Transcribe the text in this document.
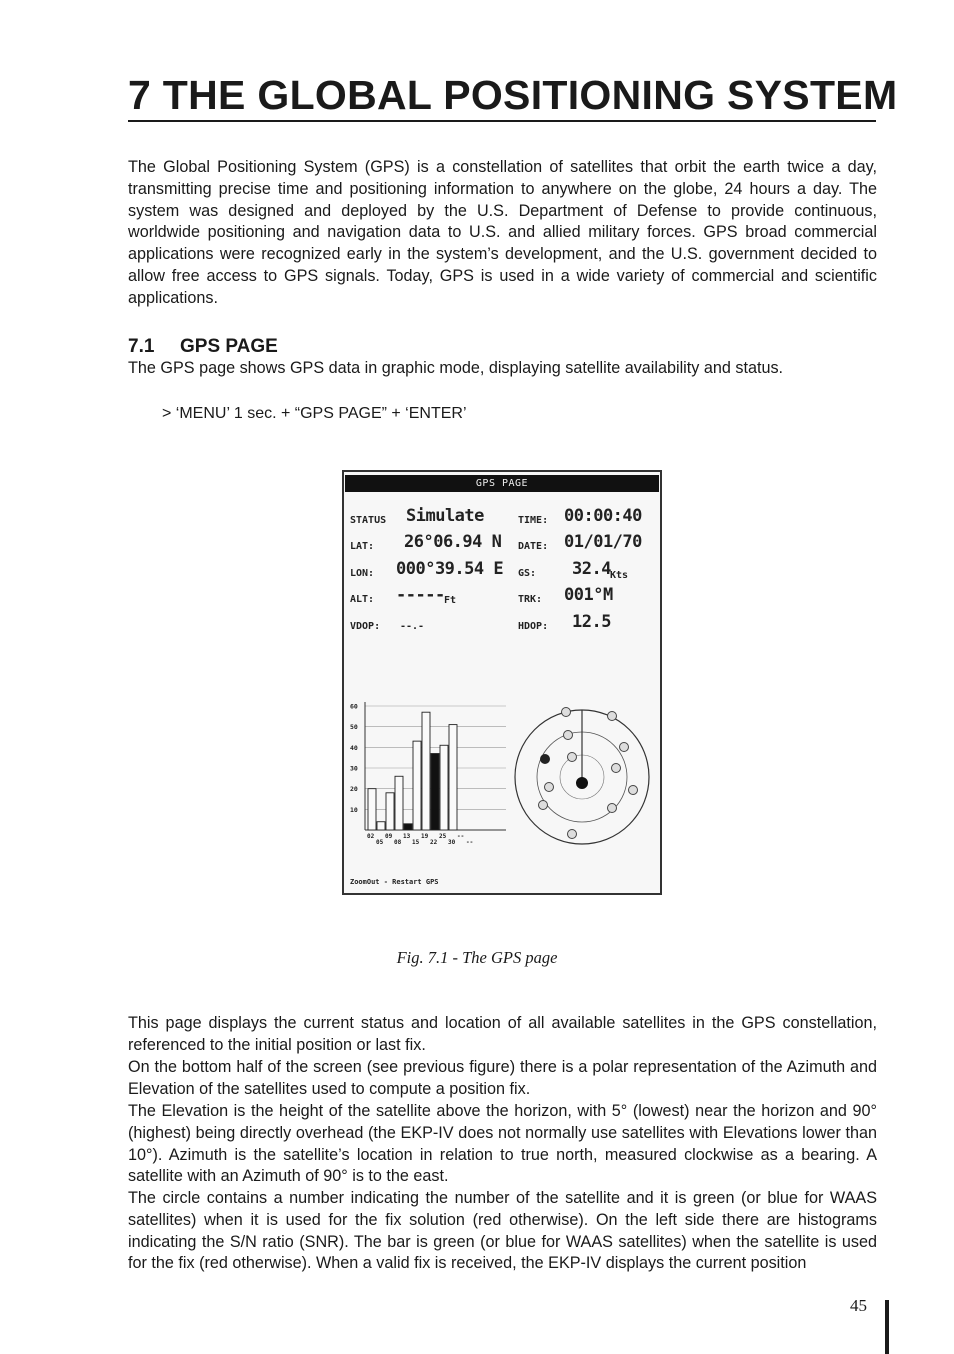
7 THE GLOBAL POSITIONING SYSTEM

The Global Positioning System (GPS) is a constellation of satellites that orbit the earth twice a day, transmitting precise time and positioning information to anywhere on the globe, 24 hours a day. The system was designed and deployed by the U.S. Department of Defense to provide continuous, worldwide positioning and navigation data to U.S. and allied military forces. GPS broad commercial applications were recognized early in the system’s development, and the U.S. government decided to allow free access to GPS signals. Today, GPS is used in a wide variety of commercial and scientific applications.

7.1 GPS PAGE

The GPS page shows GPS data in graphic mode, displaying satellite availability and status.

> ‘MENU’ 1 sec. + “GPS PAGE” + ‘ENTER’
GPS PAGE
STATUS Simulate
LAT: 26°06.94 N
LON: 000°39.54 E
ALT: ----- Ft
VDOP: --.-
TIME: 00:00:40
DATE: 01/01/70
GS: 32.4 Kts
TRK: 001°M
HDOP: 12.5
10
20
30
40
50
60
02
05
09
08
13
15
19
22
25
30
--
--
ZoomOut - Restart GPS
Fig. 7.1 - The GPS page

This page displays the current status and location of all available satellites in the GPS constellation, referenced to the initial position or last fix.

On the bottom half of the screen (see previous figure) there is a polar representation of the Azimuth and Elevation of the satellites used to compute a position fix.

The Elevation is the height of the satellite above the horizon, with 5° (lowest) near the horizon and 90° (highest) being directly overhead (the EKP-IV does not normally use satellites with Elevations lower than 10°). Azimuth is the satellite’s location in relation to true north, measured clockwise as a bearing. A satellite with an Azimuth of 90° is to the east.

The circle contains a number indicating the number of the satellite and it is green (or blue for WAAS satellites) when it is used for the fix solution (red otherwise). On the left side there are histograms indicating the S/N ratio (SNR). The bar is green (or blue for WAAS satellites) when the satellite is used for the fix (red otherwise). When a valid fix is received, the EKP-IV displays the current position

45
